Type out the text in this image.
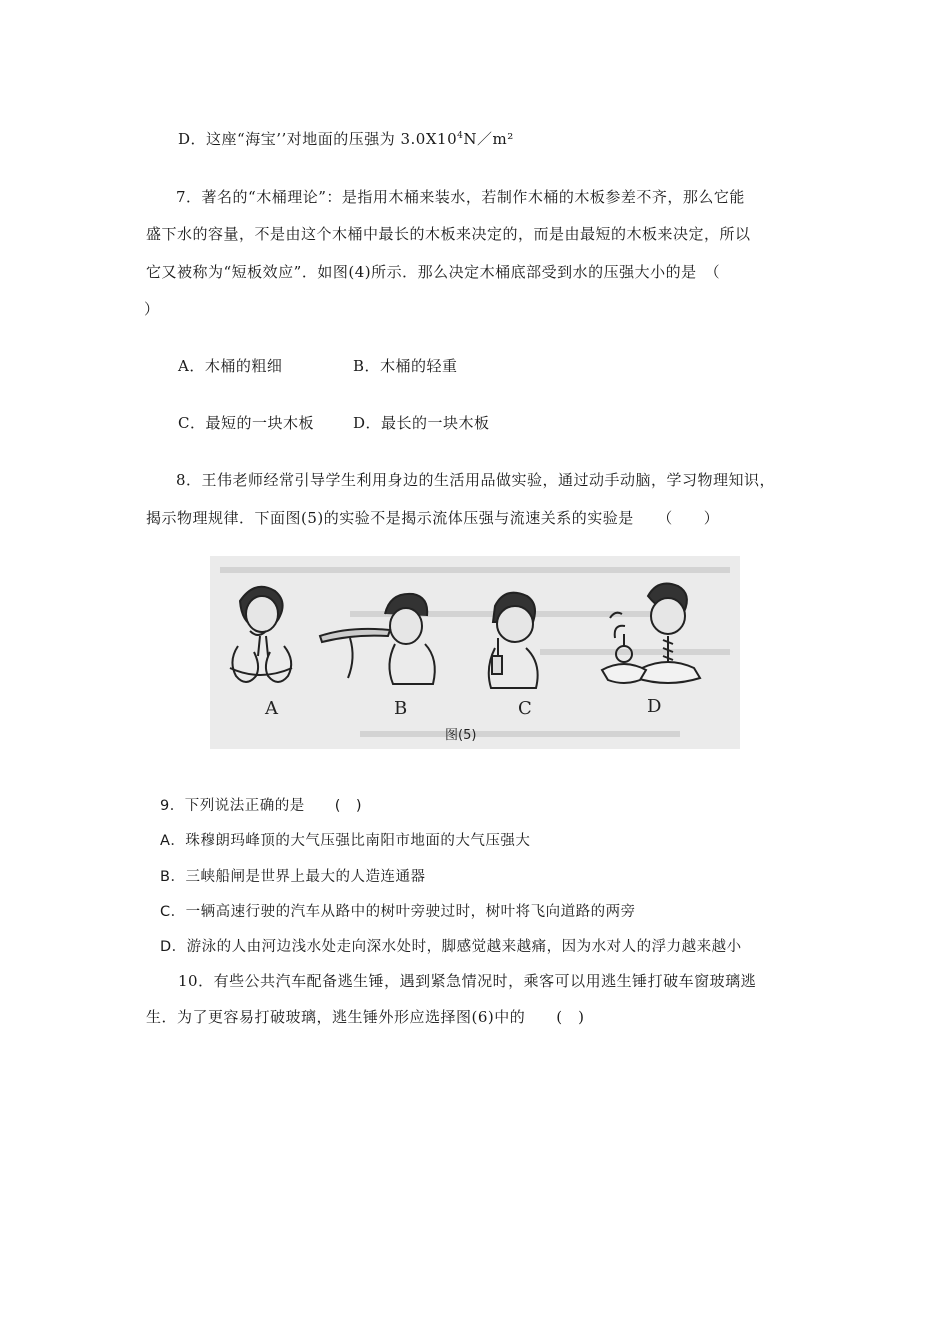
D．这座“海宝’’对地面的压强为 $3.0X10^4N/m^2$
7．著名的“木桶理论”：是指用木桶来装水，若制作木桶的木板参差不齐，那么它能
盛下水的容量，不是由这个木桶中最长的木板来决定的，而是由最短的木板来决定，所以
它又被称为“短板效应”．如图(4)所示．那么决定木桶底部受到水的压强大小的是　（
）
A．木桶的粗细	B．木桶的轻重
C．最短的一块木板	D．最长的一块木板
8．王伟老师经常引导学生利用身边的生活用品做实验，通过动手动脑，学习物理知识，
揭示物理规律．下面图(5)的实验不是揭示流体压强与流速关系的实验是　　（　　）
A	B	C	D
图(5)
9．下列说法正确的是　　(　)
A．珠穆朗玛峰顶的大气压强比南阳市地面的大气压强大
B．三峡船闸是世界上最大的人造连通器
C．一辆高速行驶的汽车从路中的树叶旁驶过时，树叶将飞向道路的两旁
D．游泳的人由河边浅水处走向深水处时，脚感觉越来越痛，因为水对人的浮力越来越小
10．有些公共汽车配备逃生锤，遇到紧急情况时，乘客可以用逃生锤打破车窗玻璃逃
生．为了更容易打破玻璃，逃生锤外形应选择图(6)中的　　(　)
